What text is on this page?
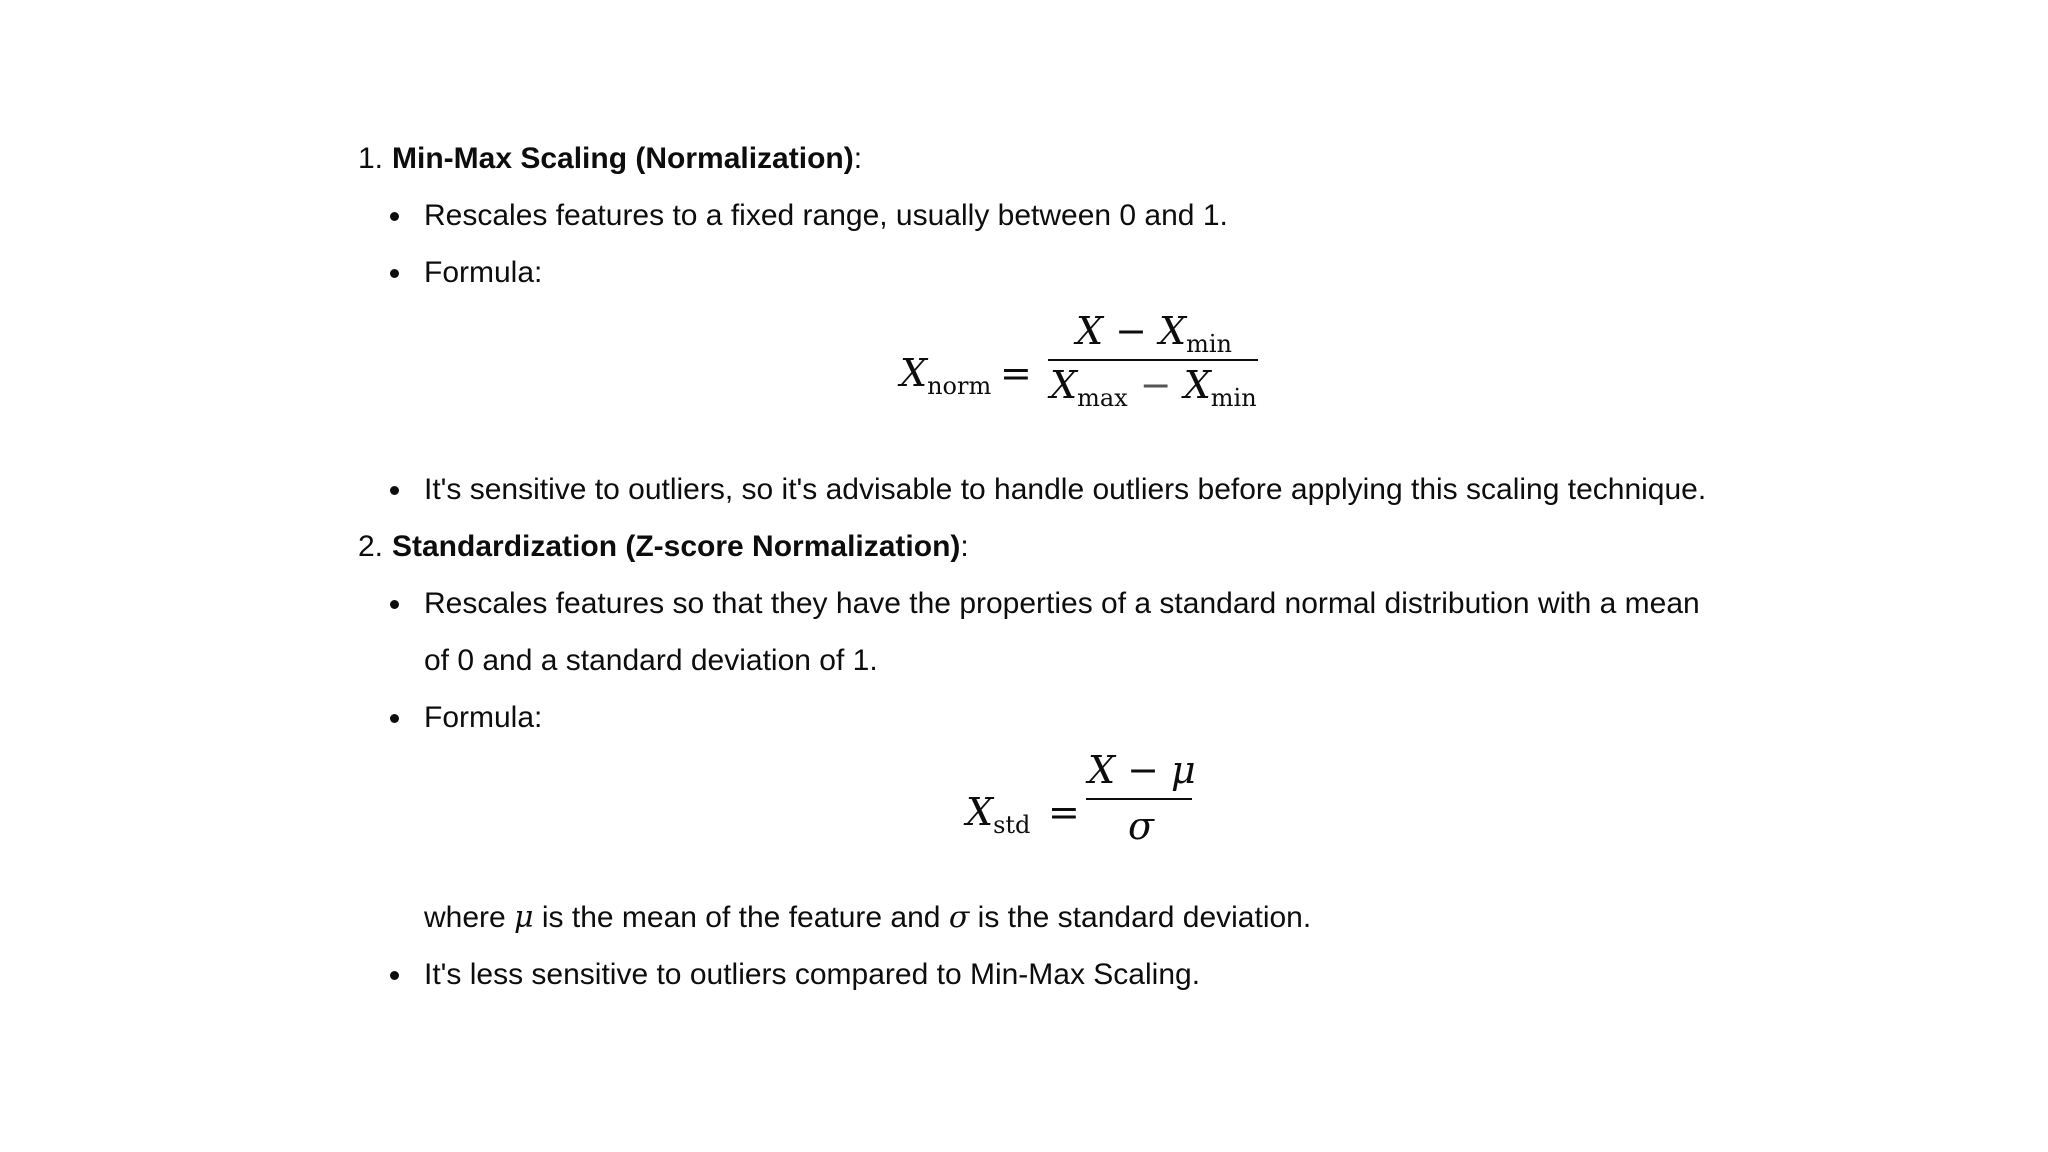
1. Min-Max Scaling (Normalization):
Rescales features to a fixed range, usually between 0 and 1.
Formula:
$X_{norm}$ =
$X - X_{min}$
$X_{max} - X_{min}$
It's sensitive to outliers, so it's advisable to handle outliers before applying this scaling technique.
2. Standardization (Z-score Normalization):
Rescales features so that they have the properties of a standard normal distribution with a mean of 0 and a standard deviation of 1.
Formula:
$X_{std}$ =
X − μ
σ
where μ is the mean of the feature and σ is the standard deviation.
It's less sensitive to outliers compared to Min-Max Scaling.
